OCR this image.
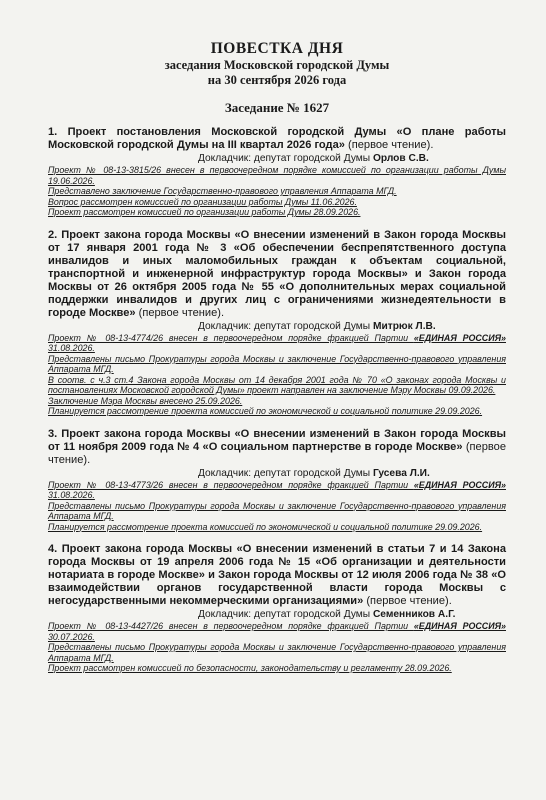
ПОВЕСТКА ДНЯ
заседания Московской городской Думы
на 30 сентября 2026 года
Заседание № 1627
1. Проект постановления Московской городской Думы «О плане работы Московской городской Думы на III квартал 2026 года» (первое чтение).
Докладчик: депутат городской Думы Орлов С.В.
Проект № 08-13-3815/26 внесен в первоочередном порядке комиссией по организации работы Думы 19.06.2026.
Представлено заключение Государственно-правового управления Аппарата МГД.
Вопрос рассмотрен комиссией по организации работы Думы 11.06.2026.
Проект рассмотрен комиссией по организации работы Думы 28.09.2026.
2. Проект закона города Москвы «О внесении изменений в Закон города Москвы от 17 января 2001 года № 3 «Об обеспечении беспрепятственного доступа инвалидов и иных маломобильных граждан к объектам социальной, транспортной и инженерной инфраструктур города Москвы» и Закон города Москвы от 26 октября 2005 года № 55 «О дополнительных мерах социальной поддержки инвалидов и других лиц с ограничениями жизнедеятельности в городе Москве» (первое чтение).
Докладчик: депутат городской Думы Митрюк Л.В.
Проект № 08-13-4774/26 внесен в первоочередном порядке фракцией Партии «ЕДИНАЯ РОССИЯ» 31.08.2026.
Представлены письмо Прокуратуры города Москвы и заключение Государственно-правового управления Аппарата МГД.
В соотв. с ч.3 ст.4 Закона города Москвы от 14 декабря 2001 года № 70 «О законах города Москвы и постановлениях Московской городской Думы» проект направлен на заключение Мэру Москвы 09.09.2026.
Заключение Мэра Москвы внесено 25.09.2026.
Планируется рассмотрение проекта комиссией по экономической и социальной политике 29.09.2026.
3. Проект закона города Москвы «О внесении изменений в Закон города Москвы от 11 ноября 2009 года № 4 «О социальном партнерстве в городе Москве» (первое чтение).
Докладчик: депутат городской Думы Гусева Л.И.
Проект № 08-13-4773/26 внесен в первоочередном порядке фракцией Партии «ЕДИНАЯ РОССИЯ» 31.08.2026.
Представлены письмо Прокуратуры города Москвы и заключение Государственно-правового управления Аппарата МГД.
Планируется рассмотрение проекта комиссией по экономической и социальной политике 29.09.2026.
4. Проект закона города Москвы «О внесении изменений в статьи 7 и 14 Закона города Москвы от 19 апреля 2006 года № 15 «Об организации и деятельности нотариата в городе Москве» и Закон города Москвы от 12 июля 2006 года № 38 «О взаимодействии органов государственной власти города Москвы с негосударственными некоммерческими организациями» (первое чтение).
Докладчик: депутат городской Думы Семенников А.Г.
Проект № 08-13-4427/26 внесен в первоочередном порядке фракцией Партии «ЕДИНАЯ РОССИЯ» 30.07.2026.
Представлены письмо Прокуратуры города Москвы и заключение Государственно-правового управления Аппарата МГД.
Проект рассмотрен комиссией по безопасности, законодательству и регламенту 28.09.2026.
